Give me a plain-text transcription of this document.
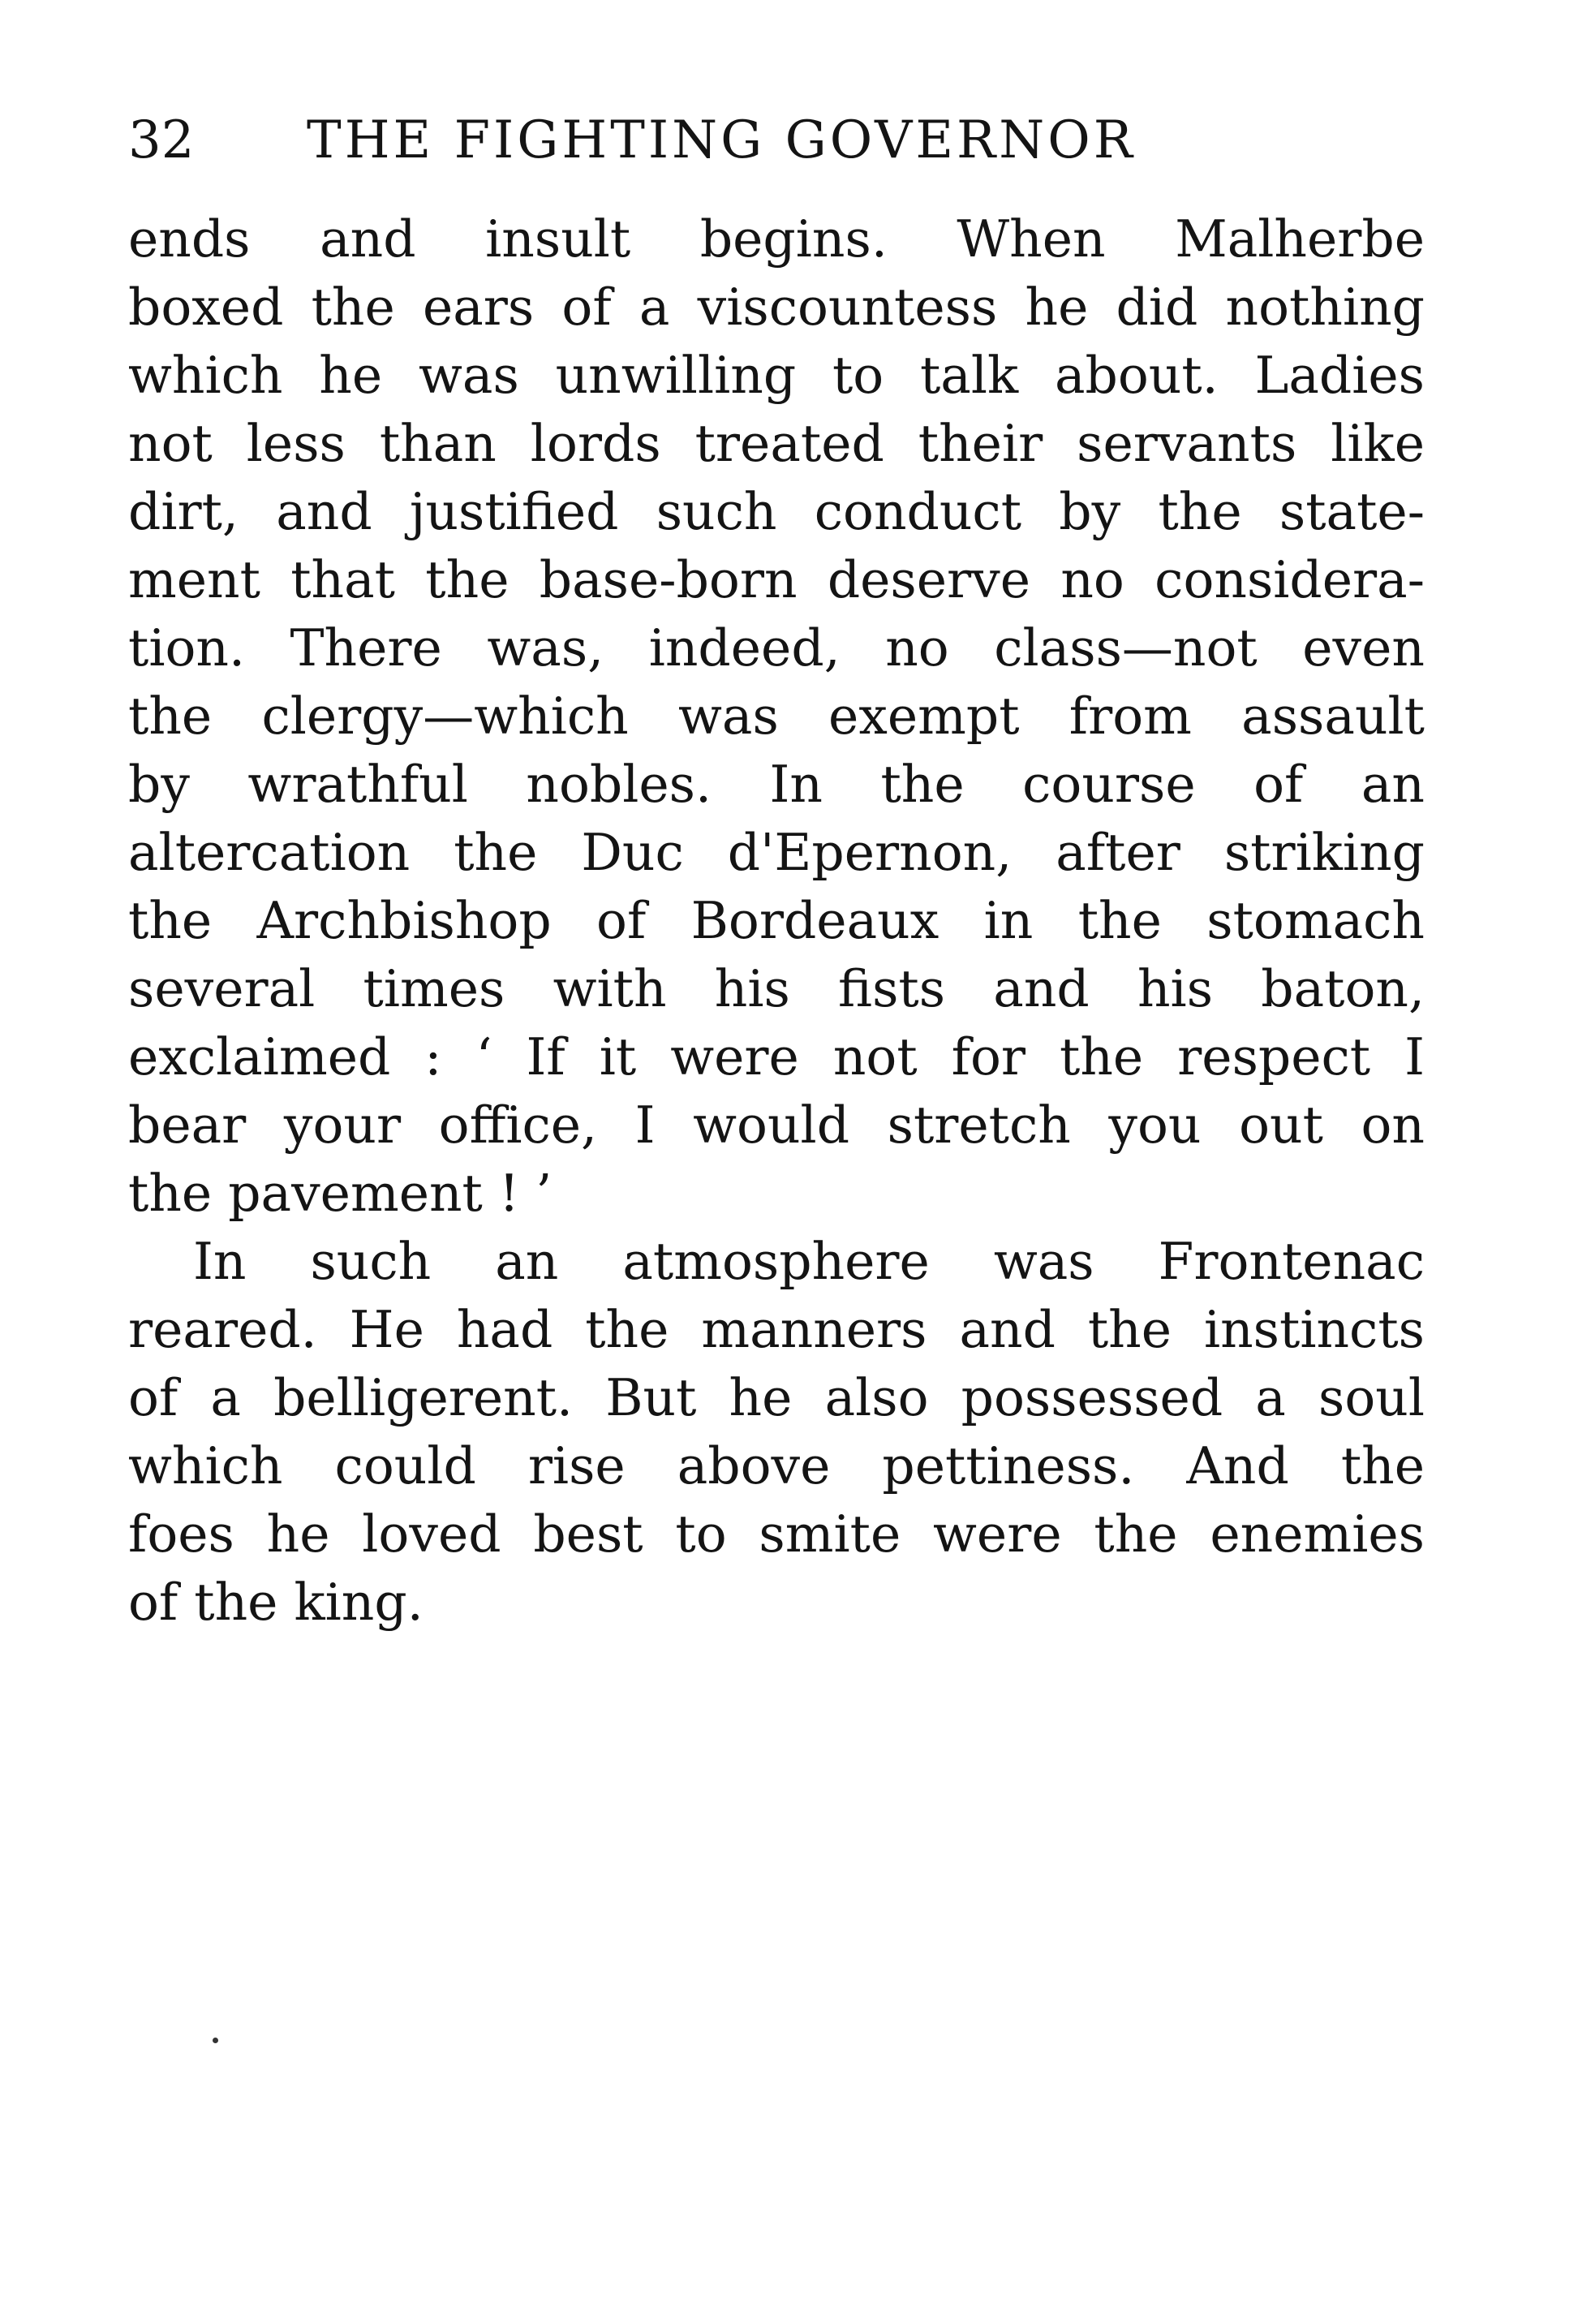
32 THE FIGHTING GOVERNOR
ends and insult begins. When Malherbe
boxed the ears of a viscountess he did nothing
which he was unwilling to talk about. Ladies
not less than lords treated their servants like
dirt, and justified such conduct by the state-
ment that the base-born deserve no considera-
tion. There was, indeed, no class—not even
the clergy—which was exempt from assault
by wrathful nobles. In the course of an
altercation the Duc d'Epernon, after striking
the Archbishop of Bordeaux in the stomach
several times with his fists and his baton,
exclaimed : ‘ If it were not for the respect I
bear your office, I would stretch you out on
the pavement ! ’
In such an atmosphere was Frontenac
reared. He had the manners and the instincts
of a belligerent. But he also possessed a soul
which could rise above pettiness. And the
foes he loved best to smite were the enemies
of the king.
